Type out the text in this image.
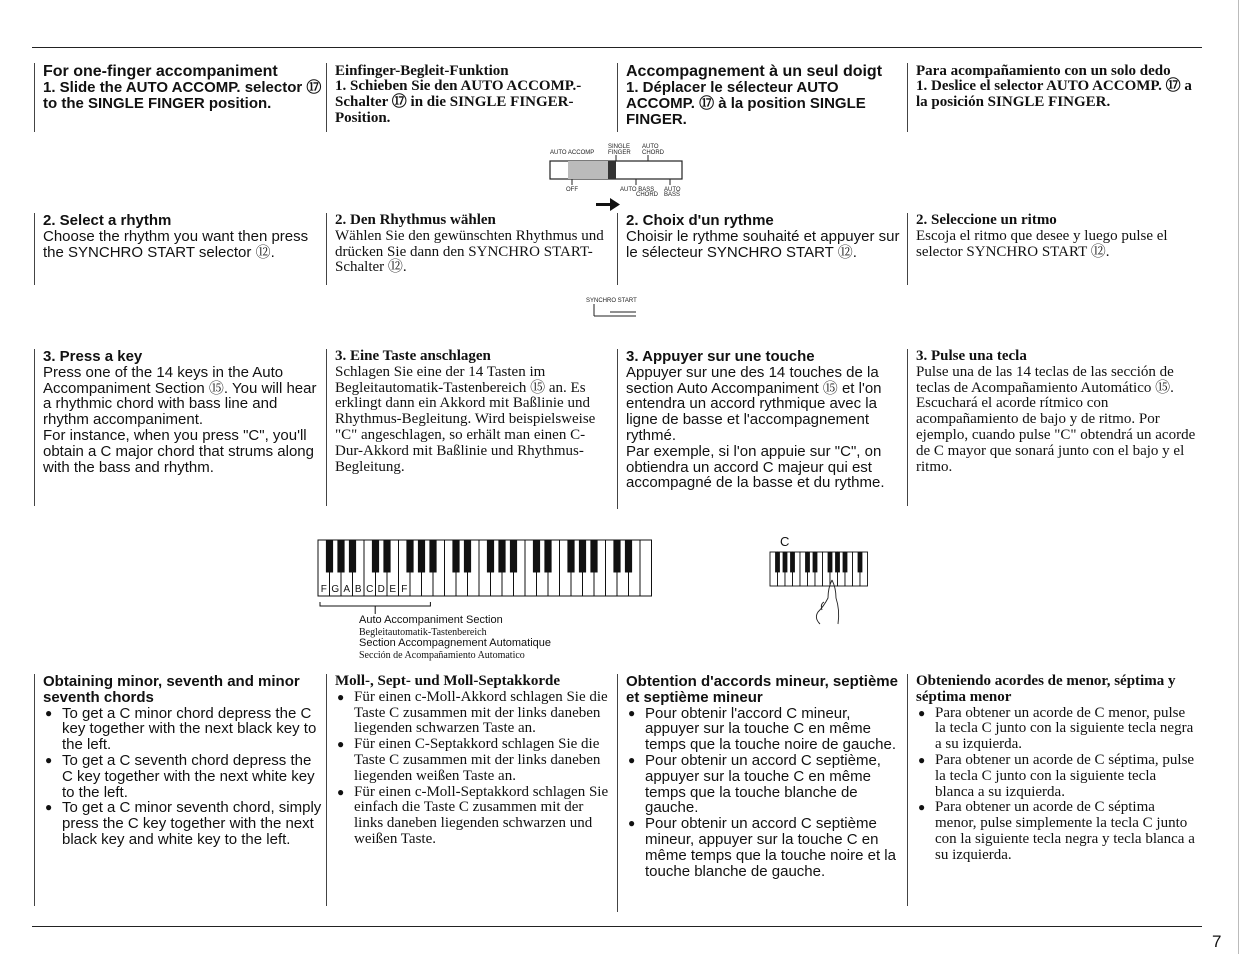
For one-finger accompaniment

1. Slide the AUTO ACCOMP. selector ⑰ to the SINGLE FINGER position.

Einfinger-Begleit-Funktion

1. Schieben Sie den AUTO ACCOMP.-Schalter ⑰ in die SINGLE FINGER-Position.

Accompagnement à un seul doigt

1. Déplacer le sélecteur AUTO ACCOMP. ⑰ à la position SINGLE FINGER.

Para acompañamiento con un solo dedo

1. Deslice el selector AUTO ACCOMP. ⑰ a la posición SINGLE FINGER.

AUTO ACCOMP
SINGLE
FINGER
AUTO
CHORD
OFF	AUTO BASS AUTO
CHORD BASS

2. Select a rhythm

Choose the rhythm you want then press the SYNCHRO START selector ⑫.

2. Den Rhythmus wählen

Wählen Sie den gewünschten Rhythmus und drücken Sie dann den SYNCHRO START-Schalter ⑫.

2. Choix d'un rythme

Choisir le rythme souhaité et appuyer sur le sélecteur SYNCHRO START ⑫.

2. Seleccione un ritmo

Escoja el ritmo que desee y luego pulse el selector SYNCHRO START ⑫.

SYNCHRO START

3. Press a key

Press one of the 14 keys in the Auto Accompaniment Section ⑮. You will hear a rhythmic chord with bass line and rhythm accompaniment.

For instance, when you press "C", you'll obtain a C major chord that strums along with the bass and rhythm.

3. Eine Taste anschlagen

Schlagen Sie eine der 14 Tasten im Begleitautomatik-Tastenbereich ⑮ an. Es erklingt dann ein Akkord mit Baßlinie und Rhythmus-Begleitung. Wird beispielsweise "C" angeschlagen, so erhält man einen C-Dur-Akkord mit Baßlinie und Rhythmus-Begleitung.

3. Appuyer sur une touche

Appuyer sur une des 14 touches de la section Auto Accompaniment ⑮ et l'on entendra un accord rythmique avec la ligne de basse et l'accompagnement rythmé.

Par exemple, si l'on appuie sur "C", on obtiendra un accord C majeur qui est accompagné de la basse et du rythme.

3. Pulse una tecla

Pulse una de las 14 teclas de las sección de teclas de Acompañamiento Automático ⑮. Escuchará el acorde rítmico con acompañamiento de bajo y de ritmo. Por ejemplo, cuando pulse "C" obtendrá un acorde de C mayor que sonará junto con el bajo y el ritmo.

F G A B C D E F
Auto Accompaniment Section
Begleitautomatik-Tastenbereich
Section Accompagnement Automatique
Sección de Acompañamiento Automatico
C

Obtaining minor, seventh and minor seventh chords

● To get a C minor chord depress the C key together with the next black key to the left.
● To get a C seventh chord depress the C key together with the next white key to the left.
● To get a C minor seventh chord, simply press the C key together with the next black key and white key to the left.

Moll-, Sept- und Moll-Septakkorde

● Für einen c-Moll-Akkord schlagen Sie die Taste C zusammen mit der links daneben liegenden schwarzen Taste an.
● Für einen C-Septakkord schlagen Sie die Taste C zusammen mit der links daneben liegenden weißen Taste an.
● Für einen c-Moll-Septakkord schlagen Sie einfach die Taste C zusammen mit der links daneben liegenden schwarzen und weißen Taste.

Obtention d'accords mineur, septième et septième mineur

● Pour obtenir l'accord C mineur, appuyer sur la touche C en même temps que la touche noire de gauche.
● Pour obtenir un accord C septième, appuyer sur la touche C en même temps que la touche blanche de gauche.
● Pour obtenir un accord C septième mineur, appuyer sur la touche C en même temps que la touche noire et la touche blanche de gauche.

Obteniendo acordes de menor, séptima y séptima menor

● Para obtener un acorde de C menor, pulse la tecla C junto con la siguiente tecla negra a su izquierda.
● Para obtener un acorde de C séptima, pulse la tecla C junto con la siguiente tecla blanca a su izquierda.
● Para obtener un acorde de C séptima menor, pulse simplemente la tecla C junto con la siguiente tecla negra y tecla blanca a su izquierda.
7
